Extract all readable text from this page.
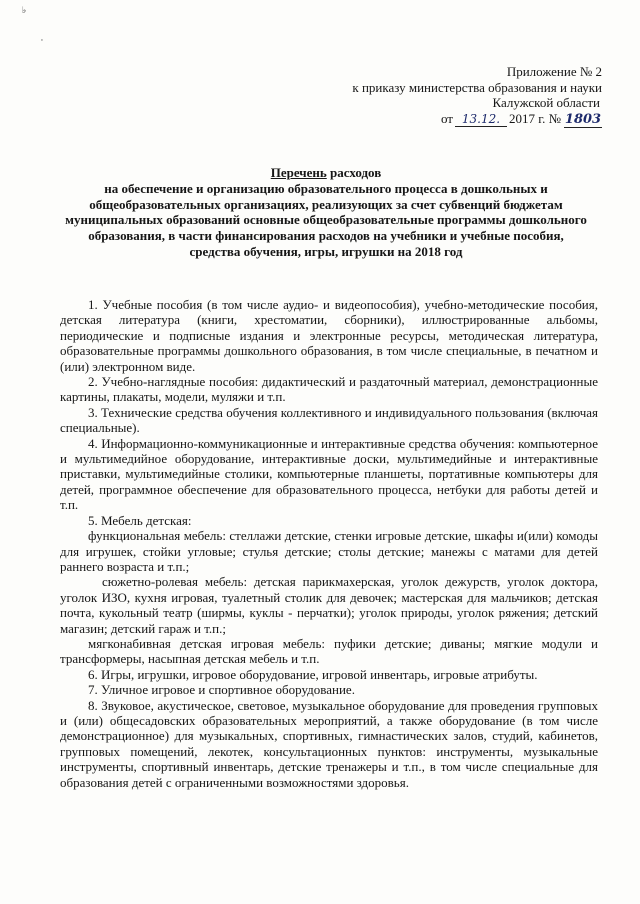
♭
'
Приложение № 2
к приказу министерства образования и науки
Калужской области
от 13.12. 2017 г. № 1803
Перечень расходов
на обеспечение и организацию образовательного процесса в дошкольных и
общеобразовательных организациях, реализующих за счет субвенций бюджетам
муниципальных образований основные общеобразовательные программы дошкольного
образования, в части финансирования расходов на учебники и учебные пособия,
средства обучения, игры, игрушки на 2018 год

1. Учебные пособия (в том числе аудио- и видеопособия), учебно-методические пособия, детская литература (книги, хрестоматии, сборники), иллюстрированные альбомы, периодические и подписные издания и электронные ресурсы, методическая литература, образовательные программы дошкольного образования, в том числе специальные, в печатном и (или) электронном виде.

2. Учебно-наглядные пособия: дидактический и раздаточный материал, демонстрационные картины, плакаты, модели, муляжи и т.п.

3. Технические средства обучения коллективного и индивидуального пользования (включая специальные).

4. Информационно-коммуникационные и интерактивные средства обучения: компьютерное и мультимедийное оборудование, интерактивные доски, мультимедийные и интерактивные приставки, мультимедийные столики, компьютерные планшеты, портативные компьютеры для детей, программное обеспечение для образовательного процесса, нетбуки для работы детей и т.п.

5. Мебель детская:

функциональная мебель: стеллажи детские, стенки игровые детские, шкафы и(или) комоды для игрушек, стойки угловые; стулья детские; столы детские; манежы с матами для детей раннего возраста и т.п.;

сюжетно-ролевая мебель: детская парикмахерская, уголок дежурств, уголок доктора, уголок ИЗО, кухня игровая, туалетный столик для девочек; мастерская для мальчиков; детская почта, кукольный театр (ширмы, куклы - перчатки); уголок природы, уголок ряжения; детский магазин; детский гараж и т.п.;

мягконабивная детская игровая мебель: пуфики детские; диваны; мягкие модули и трансформеры, насыпная детская мебель и т.п.

6. Игры, игрушки, игровое оборудование, игровой инвентарь, игровые атрибуты.

7. Уличное игровое и спортивное оборудование.

8. Звуковое, акустическое, световое, музыкальное оборудование для проведения групповых и (или) общесадовских образовательных мероприятий, а также оборудование (в том числе демонстрационное) для музыкальных, спортивных, гимнастических залов, студий, кабинетов, групповых помещений, лекотек, консультационных пунктов: инструменты, музыкальные инструменты, спортивный инвентарь, детские тренажеры и т.п., в том числе специальные для образования детей с ограниченными возможностями здоровья.
